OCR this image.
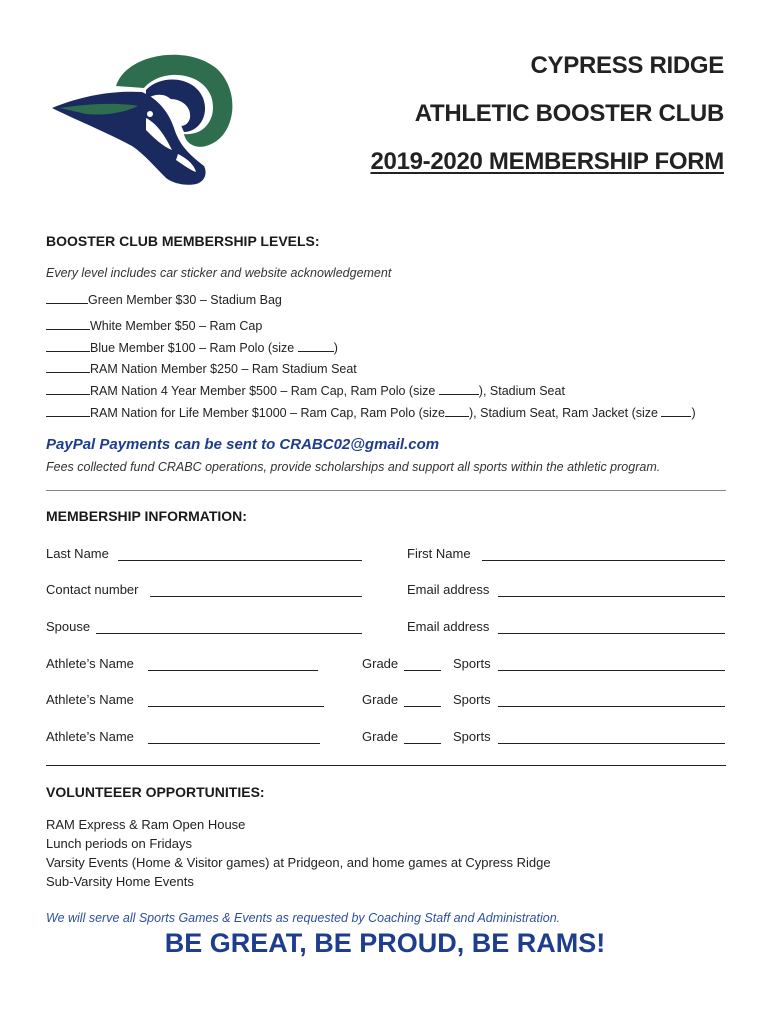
CYPRESS RIDGE
ATHLETIC BOOSTER CLUB
2019-2020 MEMBERSHIP FORM
BOOSTER CLUB MEMBERSHIP LEVELS:
Every level includes car sticker and website acknowledgement
Green Member $30 – Stadium Bag
White Member $50 – Ram Cap
Blue Member $100 – Ram Polo (size	)
RAM Nation Member $250 – Ram Stadium Seat
RAM Nation 4 Year Member $500 – Ram Cap, Ram Polo (size	), Stadium Seat
RAM Nation for Life Member $1000 – Ram Cap, Ram Polo (size ), Stadium Seat, Ram Jacket (size )
PayPal Payments can be sent to CRABC02@gmail.com
Fees collected fund CRABC operations, provide scholarships and support all sports within the athletic program.
MEMBERSHIP INFORMATION:
Last Name	First Name
Contact number	Email address
Spouse	Email address
Athlete’s Name	Grade	Sports
Athlete’s Name	Grade	Sports
Athlete’s Name	Grade	Sports
VOLUNTEEER OPPORTUNITIES:
RAM Express & Ram Open House
Lunch periods on Fridays
Varsity Events (Home & Visitor games) at Pridgeon, and home games at Cypress Ridge
Sub-Varsity Home Events
We will serve all Sports Games & Events as requested by Coaching Staff and Administration.
BE GREAT, BE PROUD, BE RAMS!
